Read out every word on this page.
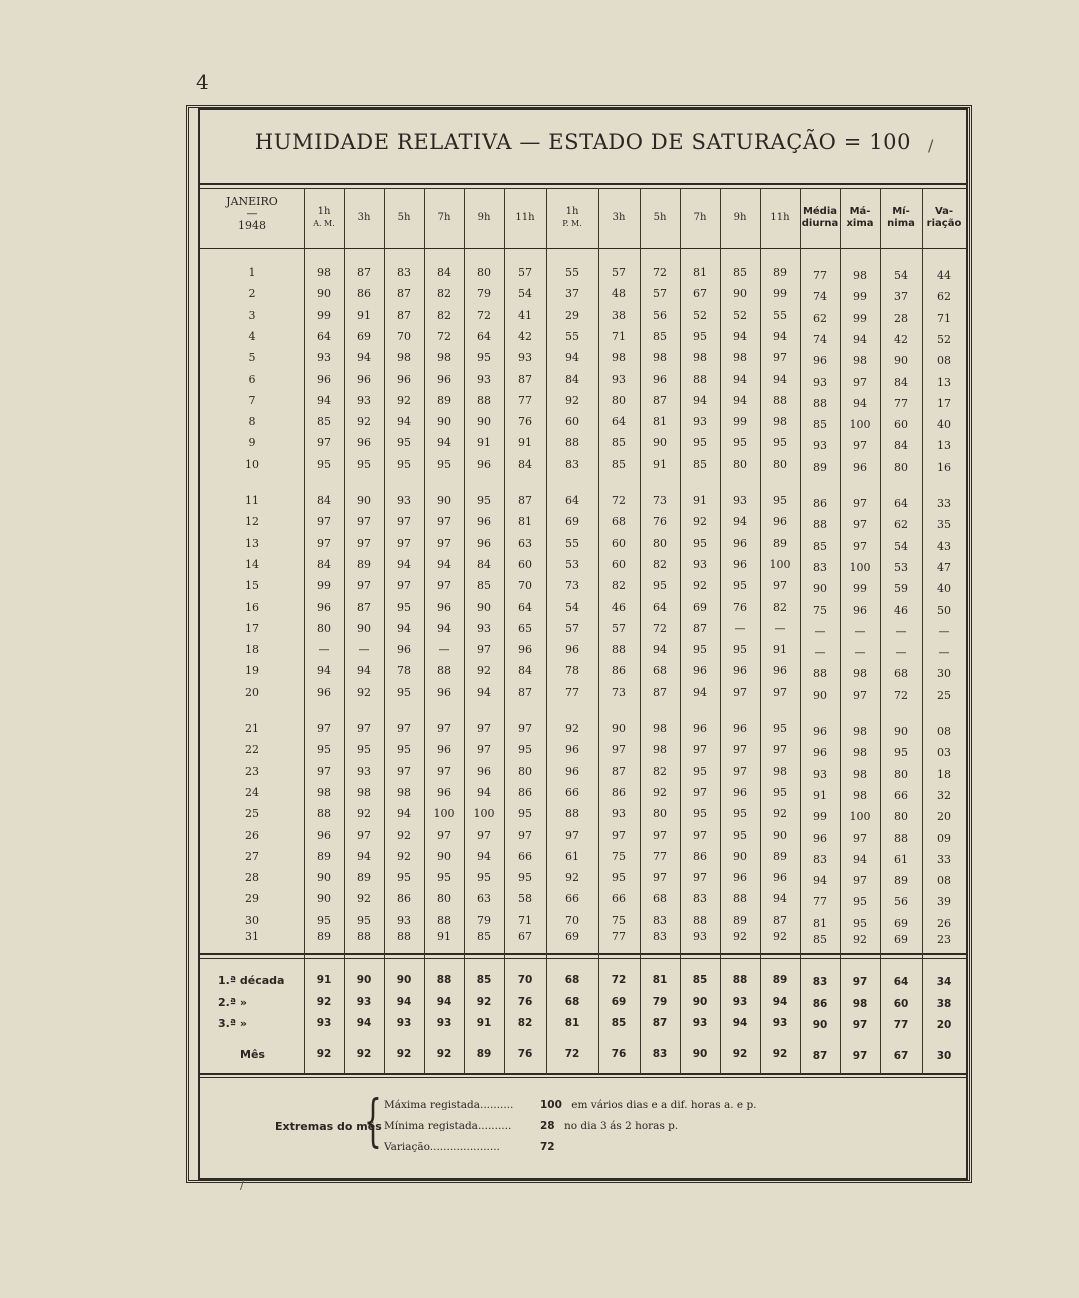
4
HUMIDADE RELATIVA — ESTADO DE SATURAÇÃO = 100	/
JANEIRO
—
1948
1h
A. M.
3h	5h	7h	9h	11h
1h
P. M.
3h	5h	7h	9h	11h
Média
diurna
Má-
xima
Mí-
nima
Va-
riação
1	98	87	83	84	80	57	55	57	72	81	85	89	77	98	54	44
2	90	86	87	82	79	54	37	48	57	67	90	99	74	99	37	62
3	99	91	87	82	72	41	29	38	56	52	52	55	62	99	28	71
4	64	69	70	72	64	42	55	71	85	95	94	94	74	94	42	52
5	93	94	98	98	95	93	94	98	98	98	98	97	96	98	90	08
6	96	96	96	96	93	87	84	93	96	88	94	94	93	97	84	13
7	94	93	92	89	88	77	92	80	87	94	94	88	88	94	77	17
8	85	92	94	90	90	76	60	64	81	93	99	98	85	100	60	40
9	97	96	95	94	91	91	88	85	90	95	95	95	93	97	84	13
10	95	95	95	95	96	84	83	85	91	85	80	80	89	96	80	16
11	84	90	93	90	95	87	64	72	73	91	93	95	86	97	64	33
12	97	97	97	97	96	81	69	68	76	92	94	96	88	97	62	35
13	97	97	97	97	96	63	55	60	80	95	96	89	85	97	54	43
14	84	89	94	94	84	60	53	60	82	93	96	100	83	100	53	47
15	99	97	97	97	85	70	73	82	95	92	95	97	90	99	59	40
16	96	87	95	96	90	64	54	46	64	69	76	82	75	96	46	50
17	80	90	94	94	93	65	57	57	72	87	—	—	—	—	—	—
18	—	—	96	—	97	96	96	88	94	95	95	91	—	—	—	—
19	94	94	78	88	92	84	78	86	68	96	96	96	88	98	68	30
20	96	92	95	96	94	87	77	73	87	94	97	97	90	97	72	25
21	97	97	97	97	97	97	92	90	98	96	96	95	96	98	90	08
22	95	95	95	96	97	95	96	97	98	97	97	97	96	98	95	03
23	97	93	97	97	96	80	96	87	82	95	97	98	93	98	80	18
24	98	98	98	96	94	86	66	86	92	97	96	95	91	98	66	32
25	88	92	94	100	100	95	88	93	80	95	95	92	99	100	80	20
26	96	97	92	97	97	97	97	97	97	97	95	90	96	97	88	09
27	89	94	92	90	94	66	61	75	77	86	90	89	83	94	61	33
28	90	89	95	95	95	95	92	95	97	97	96	96	94	97	89	08
29	90	92	86	80	63	58	66	66	68	83	88	94	77	95	56	39
30	95	95	93	88	79	71	70	75	83	88	89	87	81	95	69	26
31	89	88	88	91	85	67	69	77	83	93	92	92	85	92	69	23
1.ª década	91	90	90	88	85	70	68	72	81	85	88	89	83	97	64	34
2.ª »	92	93	94	94	92	76	68	69	79	90	93	94	86	98	60	38
3.ª »	93	94	93	93	91	82	81	85	87	93	94	93	90	97	77	20
Mês	92	92	92	92	89	76	72	76	83	90	92	92	87	97	67	30
Extremas do mês
{ Máxima registada..........	100 em vários dias e a dif. horas a. e p.
Mínima registada..........	28 no dia 3 ás 2 horas p.
Variação.....................	72
/
